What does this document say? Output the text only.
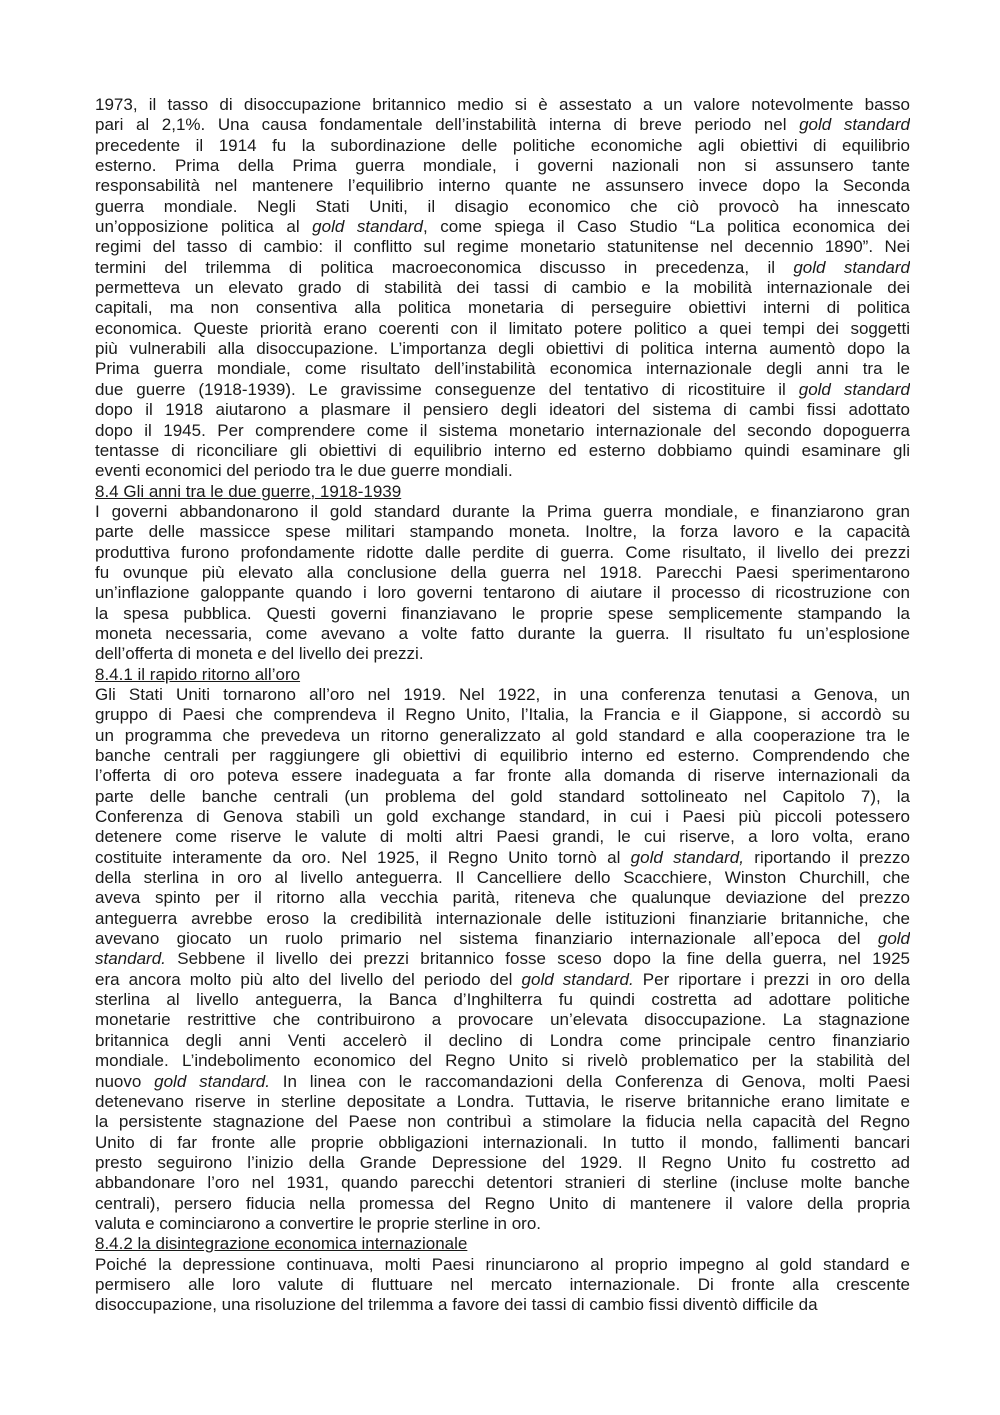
1973, il tasso di disoccupazione britannico medio si è assestato a un valore notevolmente basso
pari al 2,1%. Una causa fondamentale dell’instabilità interna di breve periodo nel gold standard
precedente il 1914 fu la subordinazione delle politiche economiche agli obiettivi di equilibrio
esterno. Prima della Prima guerra mondiale, i governi nazionali non si assunsero tante
responsabilità nel mantenere l’equilibrio interno quante ne assunsero invece dopo la Seconda
guerra mondiale. Negli Stati Uniti, il disagio economico che ciò provocò ha innescato
un’opposizione politica al gold standard, come spiega il Caso Studio “La politica economica dei
regimi del tasso di cambio: il conflitto sul regime monetario statunitense nel decennio 1890”. Nei
termini del trilemma di politica macroeconomica discusso in precedenza, il gold standard
permetteva un elevato grado di stabilità dei tassi di cambio e la mobilità internazionale dei
capitali, ma non consentiva alla politica monetaria di perseguire obiettivi interni di politica
economica. Queste priorità erano coerenti con il limitato potere politico a quei tempi dei soggetti
più vulnerabili alla disoccupazione. L’importanza degli obiettivi di politica interna aumentò dopo la
Prima guerra mondiale, come risultato dell’instabilità economica internazionale degli anni tra le
due guerre (1918-1939). Le gravissime conseguenze del tentativo di ricostituire il gold standard
dopo il 1918 aiutarono a plasmare il pensiero degli ideatori del sistema di cambi fissi adottato
dopo il 1945. Per comprendere come il sistema monetario internazionale del secondo dopoguerra
tentasse di riconciliare gli obiettivi di equilibrio interno ed esterno dobbiamo quindi esaminare gli
eventi economici del periodo tra le due guerre mondiali.
8.4 Gli anni tra le due guerre, 1918-1939
I governi abbandonarono il gold standard durante la Prima guerra mondiale, e finanziarono gran
parte delle massicce spese militari stampando moneta. Inoltre, la forza lavoro e la capacità
produttiva furono profondamente ridotte dalle perdite di guerra. Come risultato, il livello dei prezzi
fu ovunque più elevato alla conclusione della guerra nel 1918. Parecchi Paesi sperimentarono
un’inflazione galoppante quando i loro governi tentarono di aiutare il processo di ricostruzione con
la spesa pubblica. Questi governi finanziavano le proprie spese semplicemente stampando la
moneta necessaria, come avevano a volte fatto durante la guerra. Il risultato fu un’esplosione
dell’offerta di moneta e del livello dei prezzi.
8.4.1 il rapido ritorno all’oro
Gli Stati Uniti tornarono all’oro nel 1919. Nel 1922, in una conferenza tenutasi a Genova, un
gruppo di Paesi che comprendeva il Regno Unito, l’Italia, la Francia e il Giappone, si accordò su
un programma che prevedeva un ritorno generalizzato al gold standard e alla cooperazione tra le
banche centrali per raggiungere gli obiettivi di equilibrio interno ed esterno. Comprendendo che
l’offerta di oro poteva essere inadeguata a far fronte alla domanda di riserve internazionali da
parte delle banche centrali (un problema del gold standard sottolineato nel Capitolo 7), la
Conferenza di Genova stabilì un gold exchange standard, in cui i Paesi più piccoli potessero
detenere come riserve le valute di molti altri Paesi grandi, le cui riserve, a loro volta, erano
costituite interamente da oro. Nel 1925, il Regno Unito tornò al gold standard, riportando il prezzo
della sterlina in oro al livello anteguerra. Il Cancelliere dello Scacchiere, Winston Churchill, che
aveva spinto per il ritorno alla vecchia parità, riteneva che qualunque deviazione del prezzo
anteguerra avrebbe eroso la credibilità internazionale delle istituzioni finanziarie britanniche, che
avevano giocato un ruolo primario nel sistema finanziario internazionale all’epoca del gold
standard. Sebbene il livello dei prezzi britannico fosse sceso dopo la fine della guerra, nel 1925
era ancora molto più alto del livello del periodo del gold standard. Per riportare i prezzi in oro della
sterlina al livello anteguerra, la Banca d’Inghilterra fu quindi costretta ad adottare politiche
monetarie restrittive che contribuirono a provocare un’elevata disoccupazione. La stagnazione
britannica degli anni Venti accelerò il declino di Londra come principale centro finanziario
mondiale. L’indebolimento economico del Regno Unito si rivelò problematico per la stabilità del
nuovo gold standard. In linea con le raccomandazioni della Conferenza di Genova, molti Paesi
detenevano riserve in sterline depositate a Londra. Tuttavia, le riserve britanniche erano limitate e
la persistente stagnazione del Paese non contribuì a stimolare la fiducia nella capacità del Regno
Unito di far fronte alle proprie obbligazioni internazionali. In tutto il mondo, fallimenti bancari
presto seguirono l’inizio della Grande Depressione del 1929. Il Regno Unito fu costretto ad
abbandonare l’oro nel 1931, quando parecchi detentori stranieri di sterline (incluse molte banche
centrali), persero fiducia nella promessa del Regno Unito di mantenere il valore della propria
valuta e cominciarono a convertire le proprie sterline in oro.
8.4.2 la disintegrazione economica internazionale
Poiché la depressione continuava, molti Paesi rinunciarono al proprio impegno al gold standard e
permisero alle loro valute di fluttuare nel mercato internazionale. Di fronte alla crescente
disoccupazione, una risoluzione del trilemma a favore dei tassi di cambio fissi diventò difficile da
